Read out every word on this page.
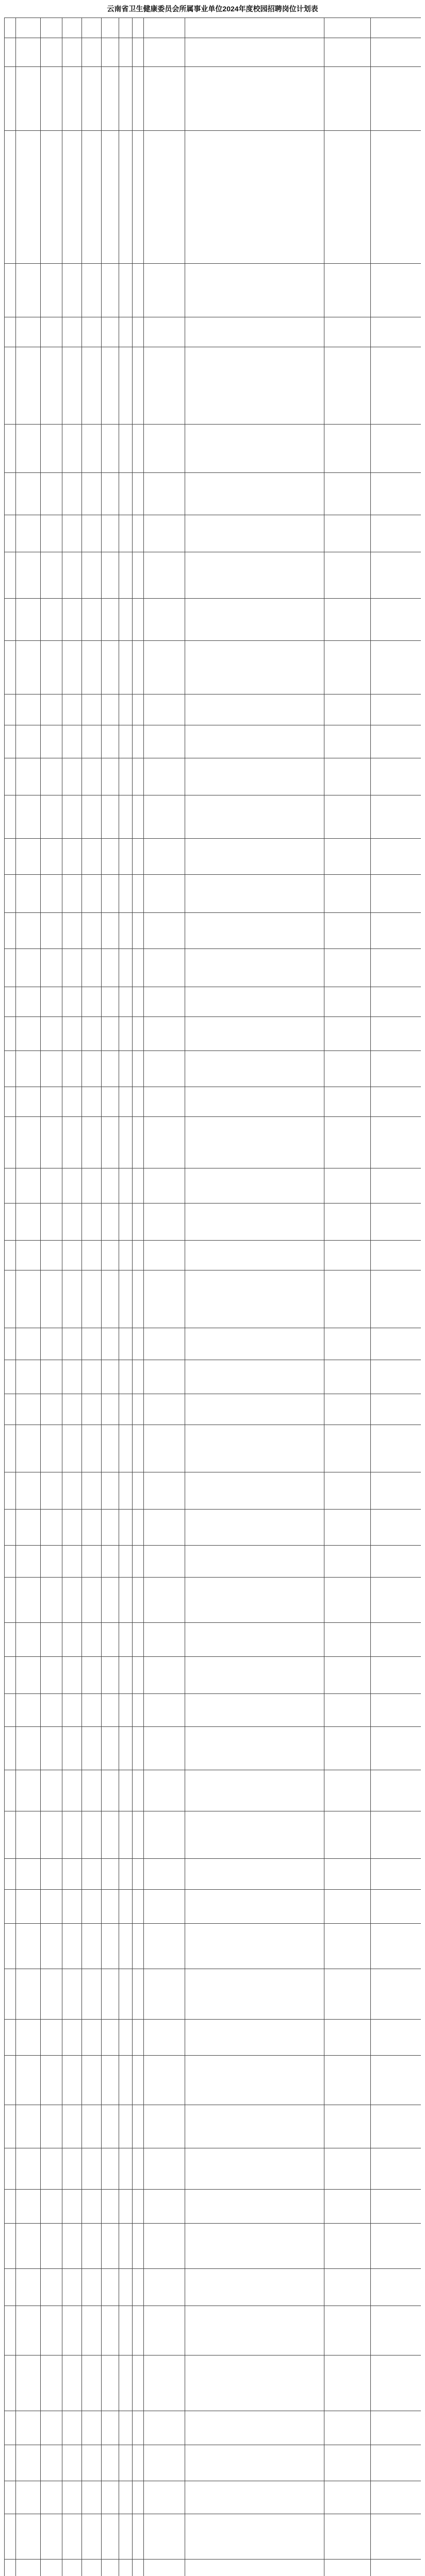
云南省卫生健康委员会所属事业单位2024年度校园招聘岗位计划表
